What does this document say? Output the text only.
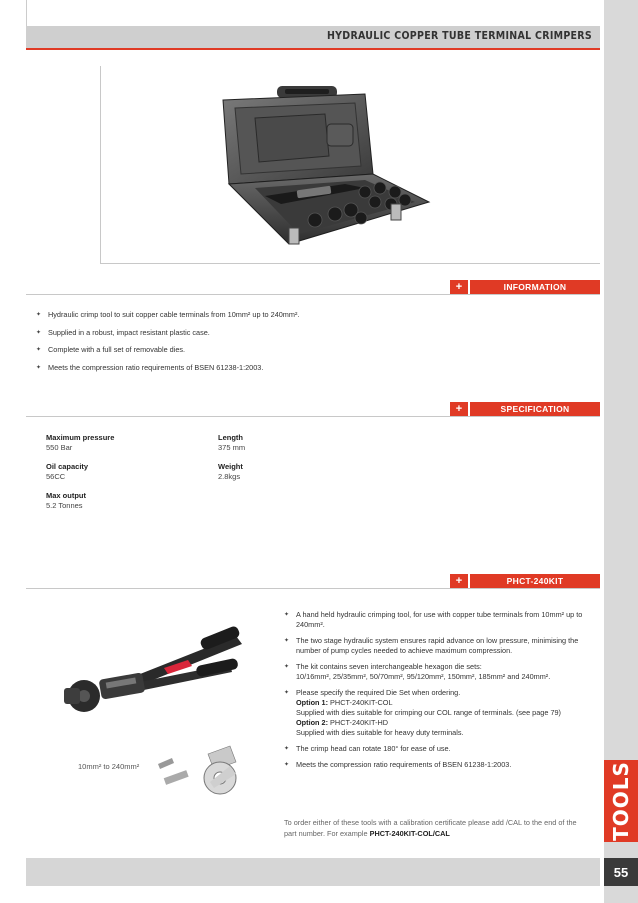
TOOLS
55
HYDRAULIC COPPER TUBE TERMINAL CRIMPERS
+	INFORMATION
✦ Hydraulic crimp tool to suit copper cable terminals from 10mm² up to 240mm².
✦ Supplied in a robust, impact resistant plastic case.
✦ Complete with a full set of removable dies.
✦ Meets the compression ratio requirements of BSEN 61238-1:2003.
+	SPECIFICATION
Maximum pressure
550 Bar
Length
375 mm
Oil capacity
56CC
Weight
2.8kgs
Max output
5.2 Tonnes
+	PHCT-240KIT
10mm² to 240mm²
✦ A hand held hydraulic crimping tool, for use with copper tube terminals from 10mm² up to 240mm².
✦ The two stage hydraulic system ensures rapid advance on low pressure, minimising the number of pump cycles needed to achieve maximum compression.
✦ The kit contains seven interchangeable hexagon die sets:
10/16mm², 25/35mm², 50/70mm², 95/120mm², 150mm², 185mm² and 240mm².
✦ Please specify the required Die Set when ordering.
Option 1: PHCT-240KIT-COL
Supplied with dies suitable for crimping our COL range of terminals. (see page 79)
Option 2: PHCT-240KIT-HD
Supplied with dies suitable for heavy duty terminals.
✦ The crimp head can rotate 180° for ease of use.
✦ Meets the compression ratio requirements of BSEN 61238-1:2003.
To order either of these tools with a calibration certificate please add /CAL to the end of the part number. For example PHCT-240KIT-COL/CAL
